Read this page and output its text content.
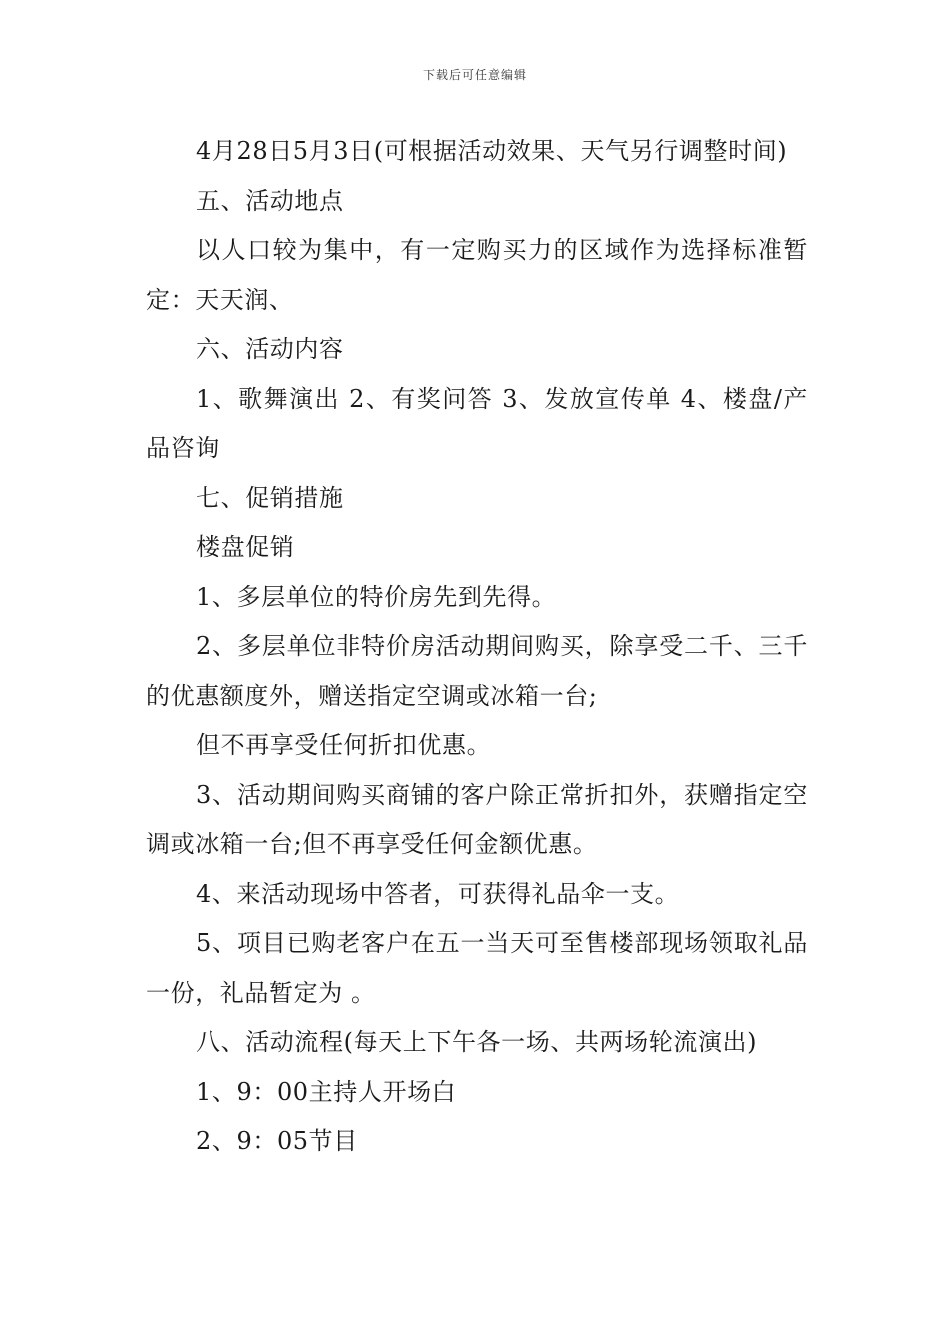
下载后可任意编辑

4月28日5月3日(可根据活动效果、天气另行调整时间)

五、活动地点

以人口较为集中，有一定购买力的区域作为选择标准暂定：天天润、

六、活动内容

1、歌舞演出 2、有奖问答 3、发放宣传单 4、楼盘/产品咨询

七、促销措施

楼盘促销

1、多层单位的特价房先到先得。

2、多层单位非特价房活动期间购买，除享受二千、三千的优惠额度外，赠送指定空调或冰箱一台;

但不再享受任何折扣优惠。

3、活动期间购买商铺的客户除正常折扣外，获赠指定空调或冰箱一台;但不再享受任何金额优惠。

4、来活动现场中答者，可获得礼品伞一支。

5、项目已购老客户在五一当天可至售楼部现场领取礼品一份，礼品暂定为 。

八、活动流程(每天上下午各一场、共两场轮流演出)

1、9：00主持人开场白

2、9：05节目
